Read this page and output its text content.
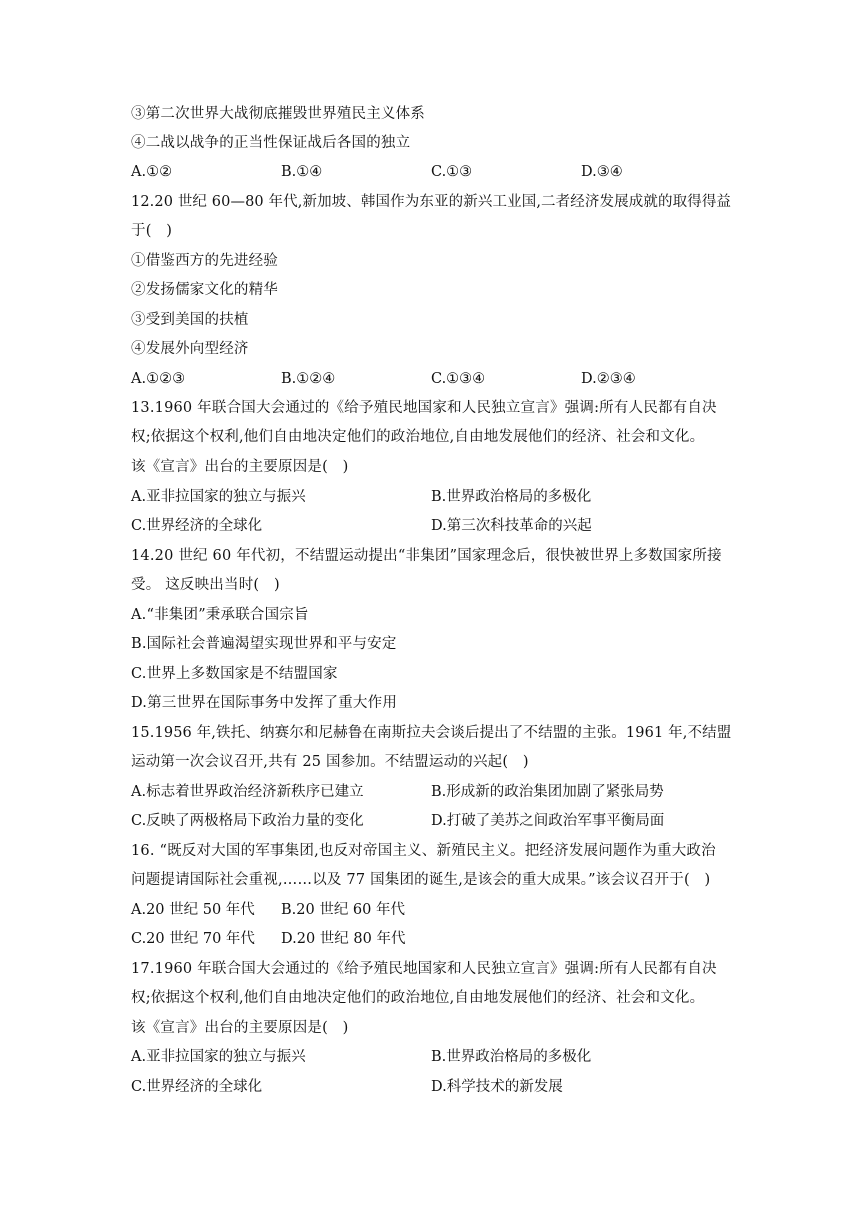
③第二次世界大战彻底摧毁世界殖民主义体系
④二战以战争的正当性保证战后各国的独立
A.①②	B.①④	C.①③	D.③④
12.20 世纪 60—80 年代,新加坡、韩国作为东亚的新兴工业国,二者经济发展成就的取得得益
于(　)
①借鉴西方的先进经验
②发扬儒家文化的精华
③受到美国的扶植
④发展外向型经济
A.①②③	B.①②④	C.①③④	D.②③④
13.1960 年联合国大会通过的《给予殖民地国家和人民独立宣言》强调:所有人民都有自决
权;依据这个权利,他们自由地决定他们的政治地位,自由地发展他们的经济、社会和文化。
该《宣言》出台的主要原因是(　)
A.亚非拉国家的独立与振兴	B.世界政治格局的多极化
C.世界经济的全球化	D.第三次科技革命的兴起
14.20 世纪 60 年代初，不结盟运动提出“非集团”国家理念后，很快被世界上多数国家所接
受。 这反映出当时(　)
A.“非集团”秉承联合国宗旨
B.国际社会普遍渴望实现世界和平与安定
C.世界上多数国家是不结盟国家
D.第三世界在国际事务中发挥了重大作用
15.1956 年,铁托、纳赛尔和尼赫鲁在南斯拉夫会谈后提出了不结盟的主张。1961 年,不结盟
运动第一次会议召开,共有 25 国参加。不结盟运动的兴起(　)
A.标志着世界政治经济新秩序已建立	B.形成新的政治集团加剧了紧张局势
C.反映了两极格局下政治力量的变化	D.打破了美苏之间政治军事平衡局面
16. “既反对大国的军事集团,也反对帝国主义、新殖民主义。把经济发展问题作为重大政治
问题提请国际社会重视,……以及 77 国集团的诞生,是该会的重大成果。”该会议召开于(　)
A.20 世纪 50 年代 B.20 世纪 60 年代
C.20 世纪 70 年代 D.20 世纪 80 年代
17.1960 年联合国大会通过的《给予殖民地国家和人民独立宣言》强调:所有人民都有自决
权;依据这个权利,他们自由地决定他们的政治地位,自由地发展他们的经济、社会和文化。
该《宣言》出台的主要原因是(　)
A.亚非拉国家的独立与振兴	B.世界政治格局的多极化
C.世界经济的全球化	D.科学技术的新发展
